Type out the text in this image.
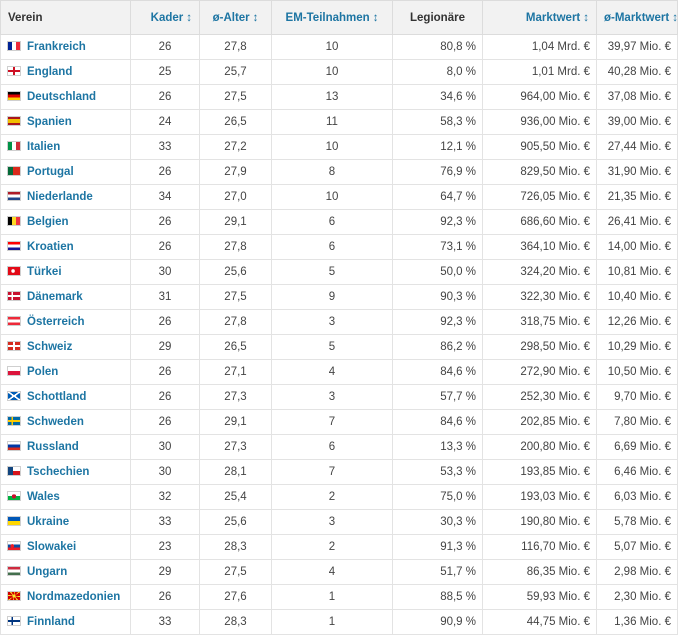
Verein	Kader ↕	ø-Alter ↕	EM-Teilnahmen ↕	Legionäre	Marktwert ↕	ø-Marktwert ↕
Frankreich	26	27,8	10	80,8 %	1,04 Mrd. €	39,97 Mio. €
England	25	25,7	10	8,0 %	1,01 Mrd. €	40,28 Mio. €
Deutschland	26	27,5	13	34,6 %	964,00 Mio. €	37,08 Mio. €
Spanien	24	26,5	11	58,3 %	936,00 Mio. €	39,00 Mio. €
Italien	33	27,2	10	12,1 %	905,50 Mio. €	27,44 Mio. €
Portugal	26	27,9	8	76,9 %	829,50 Mio. €	31,90 Mio. €
Niederlande	34	27,0	10	64,7 %	726,05 Mio. €	21,35 Mio. €
Belgien	26	29,1	6	92,3 %	686,60 Mio. €	26,41 Mio. €
Kroatien	26	27,8	6	73,1 %	364,10 Mio. €	14,00 Mio. €
Türkei	30	25,6	5	50,0 %	324,20 Mio. €	10,81 Mio. €
Dänemark	31	27,5	9	90,3 %	322,30 Mio. €	10,40 Mio. €
Österreich	26	27,8	3	92,3 %	318,75 Mio. €	12,26 Mio. €
Schweiz	29	26,5	5	86,2 %	298,50 Mio. €	10,29 Mio. €
Polen	26	27,1	4	84,6 %	272,90 Mio. €	10,50 Mio. €
Schottland	26	27,3	3	57,7 %	252,30 Mio. €	9,70 Mio. €
Schweden	26	29,1	7	84,6 %	202,85 Mio. €	7,80 Mio. €
Russland	30	27,3	6	13,3 %	200,80 Mio. €	6,69 Mio. €
Tschechien	30	28,1	7	53,3 %	193,85 Mio. €	6,46 Mio. €
Wales	32	25,4	2	75,0 %	193,03 Mio. €	6,03 Mio. €
Ukraine	33	25,6	3	30,3 %	190,80 Mio. €	5,78 Mio. €
Slowakei	23	28,3	2	91,3 %	116,70 Mio. €	5,07 Mio. €
Ungarn	29	27,5	4	51,7 %	86,35 Mio. €	2,98 Mio. €
Nordmazedonien	26	27,6	1	88,5 %	59,93 Mio. €	2,30 Mio. €
Finnland	33	28,3	1	90,9 %	44,75 Mio. €	1,36 Mio. €
